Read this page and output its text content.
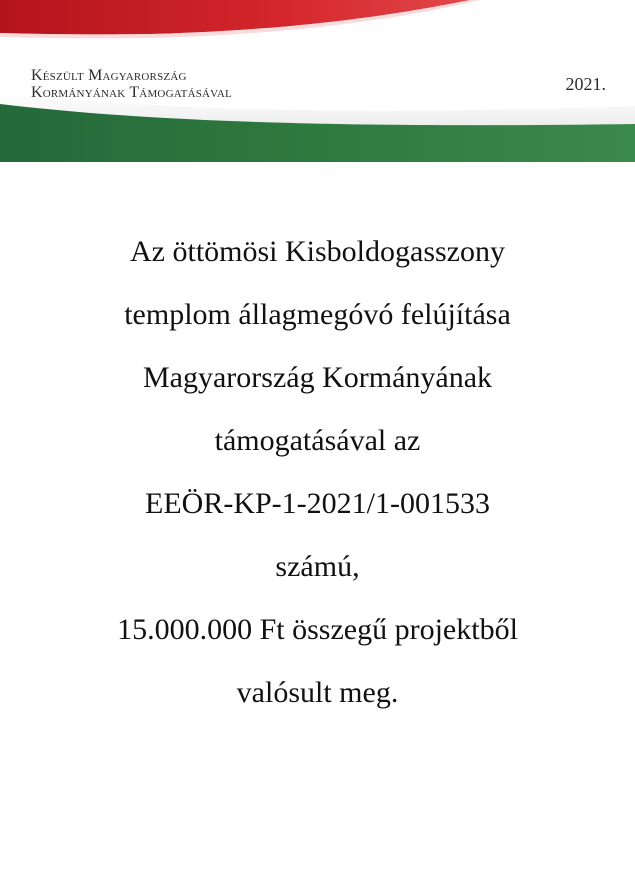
Készült Magyarország
Kormányának Támogatásával	2021.
Az öttömösi Kisboldogasszony
templom állagmegóvó felújítása
Magyarország Kormányának
támogatásával az
EEÖR-KP-1-2021/1-001533
számú,
15.000.000 Ft összegű projektből
valósult meg.
